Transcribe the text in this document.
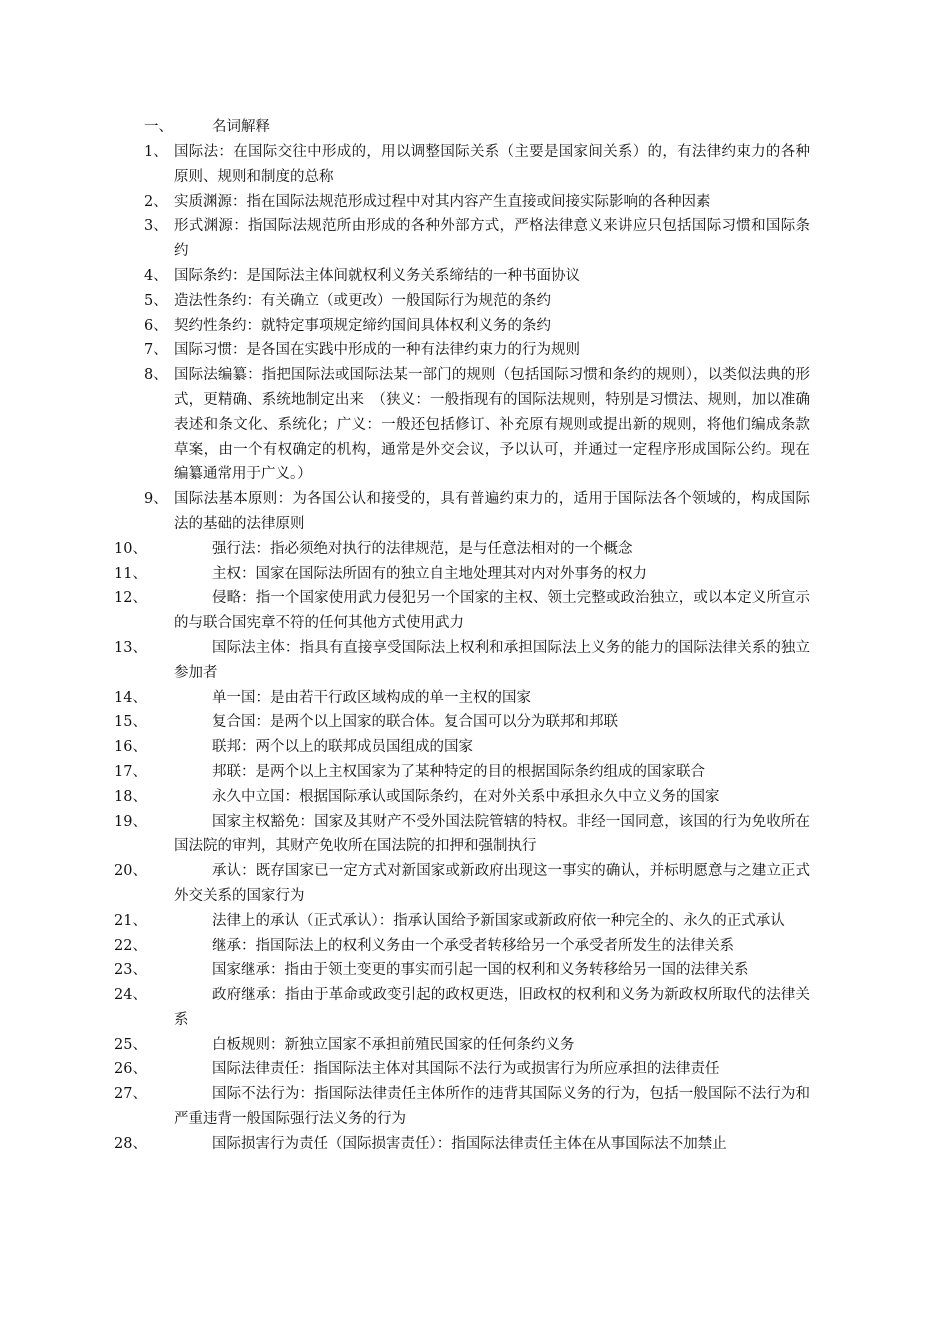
一、	名词解释
1、 国际法：在国际交往中形成的，用以调整国际关系（主要是国家间关系）的，有法律约束力的各种原则、规则和制度的总称
2、 实质渊源：指在国际法规范形成过程中对其内容产生直接或间接实际影响的各种因素
3、 形式渊源：指国际法规范所由形成的各种外部方式，严格法律意义来讲应只包括国际习惯和国际条约
4、 国际条约：是国际法主体间就权利义务关系缔结的一种书面协议
5、 造法性条约：有关确立（或更改）一般国际行为规范的条约
6、 契约性条约：就特定事项规定缔约国间具体权利义务的条约
7、 国际习惯：是各国在实践中形成的一种有法律约束力的行为规则
8、 国际法编纂：指把国际法或国际法某一部门的规则（包括国际习惯和条约的规则），以类似法典的形式，更精确、系统地制定出来　（狭义：一般指现有的国际法规则，特别是习惯法、规则，加以准确表述和条文化、系统化；广义：一般还包括修订、补充原有规则或提出新的规则，将他们编成条款草案，由一个有权确定的机构，通常是外交会议，予以认可，并通过一定程序形成国际公约。现在编纂通常用于广义。）
9、 国际法基本原则：为各国公认和接受的，具有普遍约束力的，适用于国际法各个领域的，构成国际法的基础的法律原则
10、	强行法：指必须绝对执行的法律规范，是与任意法相对的一个概念
11、	主权：国家在国际法所固有的独立自主地处理其对内对外事务的权力
12、	侵略：指一个国家使用武力侵犯另一个国家的主权、领土完整或政治独立，或以本定义所宣示的与联合国宪章不符的任何其他方式使用武力
13、	国际法主体：指具有直接享受国际法上权利和承担国际法上义务的能力的国际法律关系的独立参加者
14、	单一国：是由若干行政区域构成的单一主权的国家
15、	复合国：是两个以上国家的联合体。复合国可以分为联邦和邦联
16、	联邦：两个以上的联邦成员国组成的国家
17、	邦联：是两个以上主权国家为了某种特定的目的根据国际条约组成的国家联合
18、	永久中立国：根据国际承认或国际条约，在对外关系中承担永久中立义务的国家
19、	国家主权豁免：国家及其财产不受外国法院管辖的特权。非经一国同意，该国的行为免收所在国法院的审判，其财产免收所在国法院的扣押和强制执行
20、	承认：既存国家已一定方式对新国家或新政府出现这一事实的确认，并标明愿意与之建立正式外交关系的国家行为
21、	法律上的承认（正式承认）：指承认国给予新国家或新政府依一种完全的、永久的正式承认
22、	继承：指国际法上的权利义务由一个承受者转移给另一个承受者所发生的法律关系
23、	国家继承：指由于领土变更的事实而引起一国的权利和义务转移给另一国的法律关系
24、	政府继承：指由于革命或政变引起的政权更迭，旧政权的权利和义务为新政权所取代的法律关系
25、	白板规则：新独立国家不承担前殖民国家的任何条约义务
26、	国际法律责任：指国际法主体对其国际不法行为或损害行为所应承担的法律责任
27、	国际不法行为：指国际法律责任主体所作的违背其国际义务的行为，包括一般国际不法行为和严重违背一般国际强行法义务的行为
28、	国际损害行为责任（国际损害责任）：指国际法律责任主体在从事国际法不加禁止
